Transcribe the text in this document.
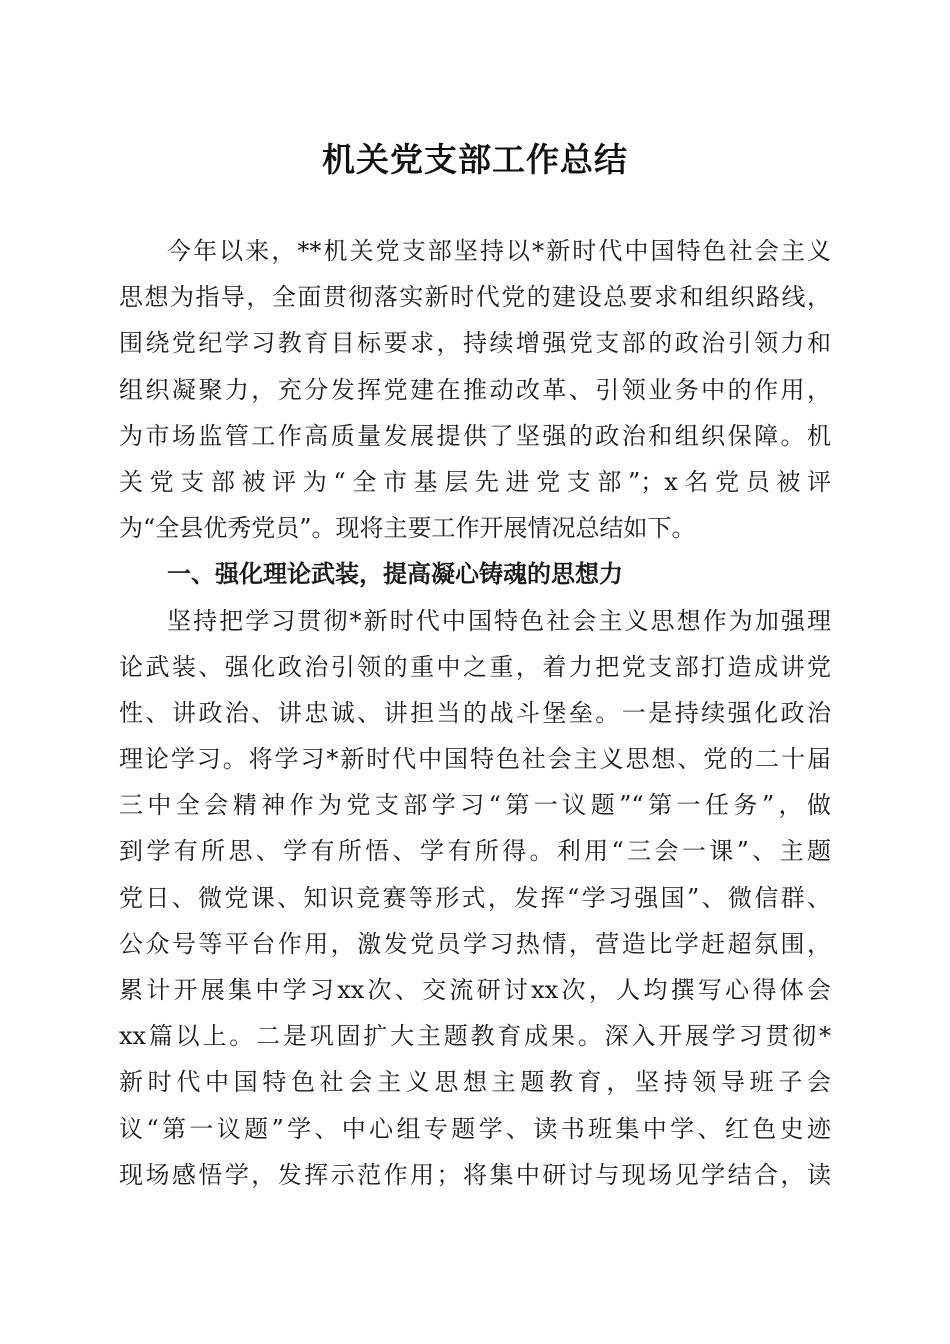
机关党支部工作总结
今年以来，**机关党支部坚持以*新时代中国特色社会主义
思想为指导，全面贯彻落实新时代党的建设总要求和组织路线，
围绕党纪学习教育目标要求，持续增强党支部的政治引领力和
组织凝聚力，充分发挥党建在推动改革、引领业务中的作用，
为市场监管工作高质量发展提供了坚强的政治和组织保障。机
关党支部被评为“全市基层先进党支部”；x名党员被评
为“全县优秀党员”。现将主要工作开展情况总结如下。
一、强化理论武装，提高凝心铸魂的思想力
坚持把学习贯彻*新时代中国特色社会主义思想作为加强理
论武装、强化政治引领的重中之重，着力把党支部打造成讲党
性、讲政治、讲忠诚、讲担当的战斗堡垒。一是持续强化政治
理论学习。将学习*新时代中国特色社会主义思想、党的二十届
三中全会精神作为党支部学习“第一议题”“第一任务”，做
到学有所思、学有所悟、学有所得。利用“三会一课”、主题
党日、微党课、知识竞赛等形式，发挥“学习强国”、微信群、
公众号等平台作用，激发党员学习热情，营造比学赶超氛围，
累计开展集中学习xx次、交流研讨xx次，人均撰写心得体会
xx篇以上。二是巩固扩大主题教育成果。深入开展学习贯彻*
新时代中国特色社会主义思想主题教育，坚持领导班子会
议“第一议题”学、中心组专题学、读书班集中学、红色史迹
现场感悟学，发挥示范作用；将集中研讨与现场见学结合，读
